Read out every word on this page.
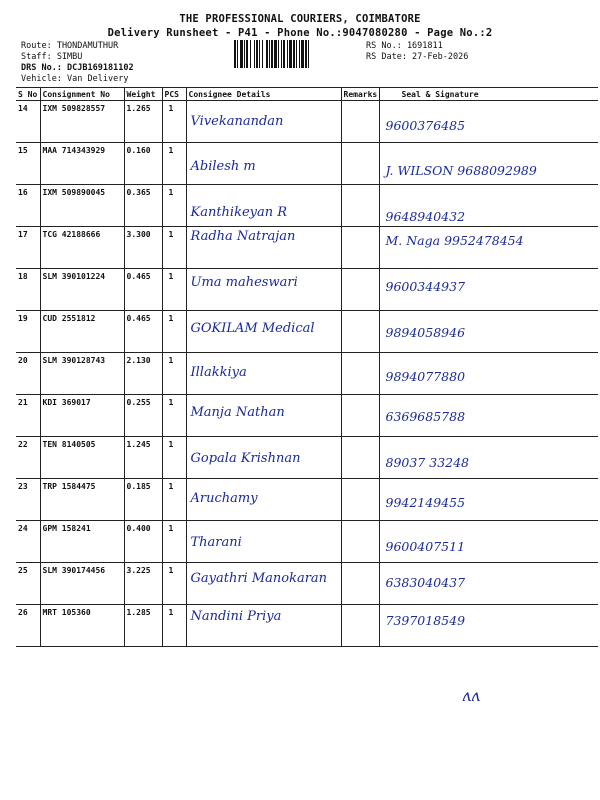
THE PROFESSIONAL COURIERS, COIMBATORE
Delivery Runsheet - P41 - Phone No.:9047080280 - Page No.:2
Route: THONDAMUTHUR
Staff: SIMBU
DRS No.: DCJB169181102
Vehicle: Van Delivery
RS No.: 1691811
RS Date: 27-Feb-2026
S No	Consignment No	Weight	PCS	Consignee Details	Remarks	Seal & Signature
14	IXM 509828557	1.265	1	Vivekanandan		9600376485

15	MAA 714343929	0.160	1	Abilesh m		J. WILSON 9688092989

16	IXM 509890045	0.365	1	Kanthikeyan R		9648940432

17	TCG 42188666	3.300	1	Radha Natrajan		M. Naga 9952478454

18	SLM 390101224	0.465	1	Uma maheswari		9600344937

19	CUD 2551812	0.465	1	GOKILAM Medical		9894058946

20	SLM 390128743	2.130	1	Illakkiya		9894077880

21	KDI 369017	0.255	1	Manja Nathan		6369685788

22	TEN 8140505	1.245	1	Gopala Krishnan		89037 33248

23	TRP 1584475	0.185	1	Aruchamy		9942149455

24	GPM 158241	0.400	1	Tharani		9600407511

25	SLM 390174456	3.225	1	Gayathri Manokaran		6383040437

26	MRT 105360	1.285	1	Nandini Priya		7397018549
ʌʌ
